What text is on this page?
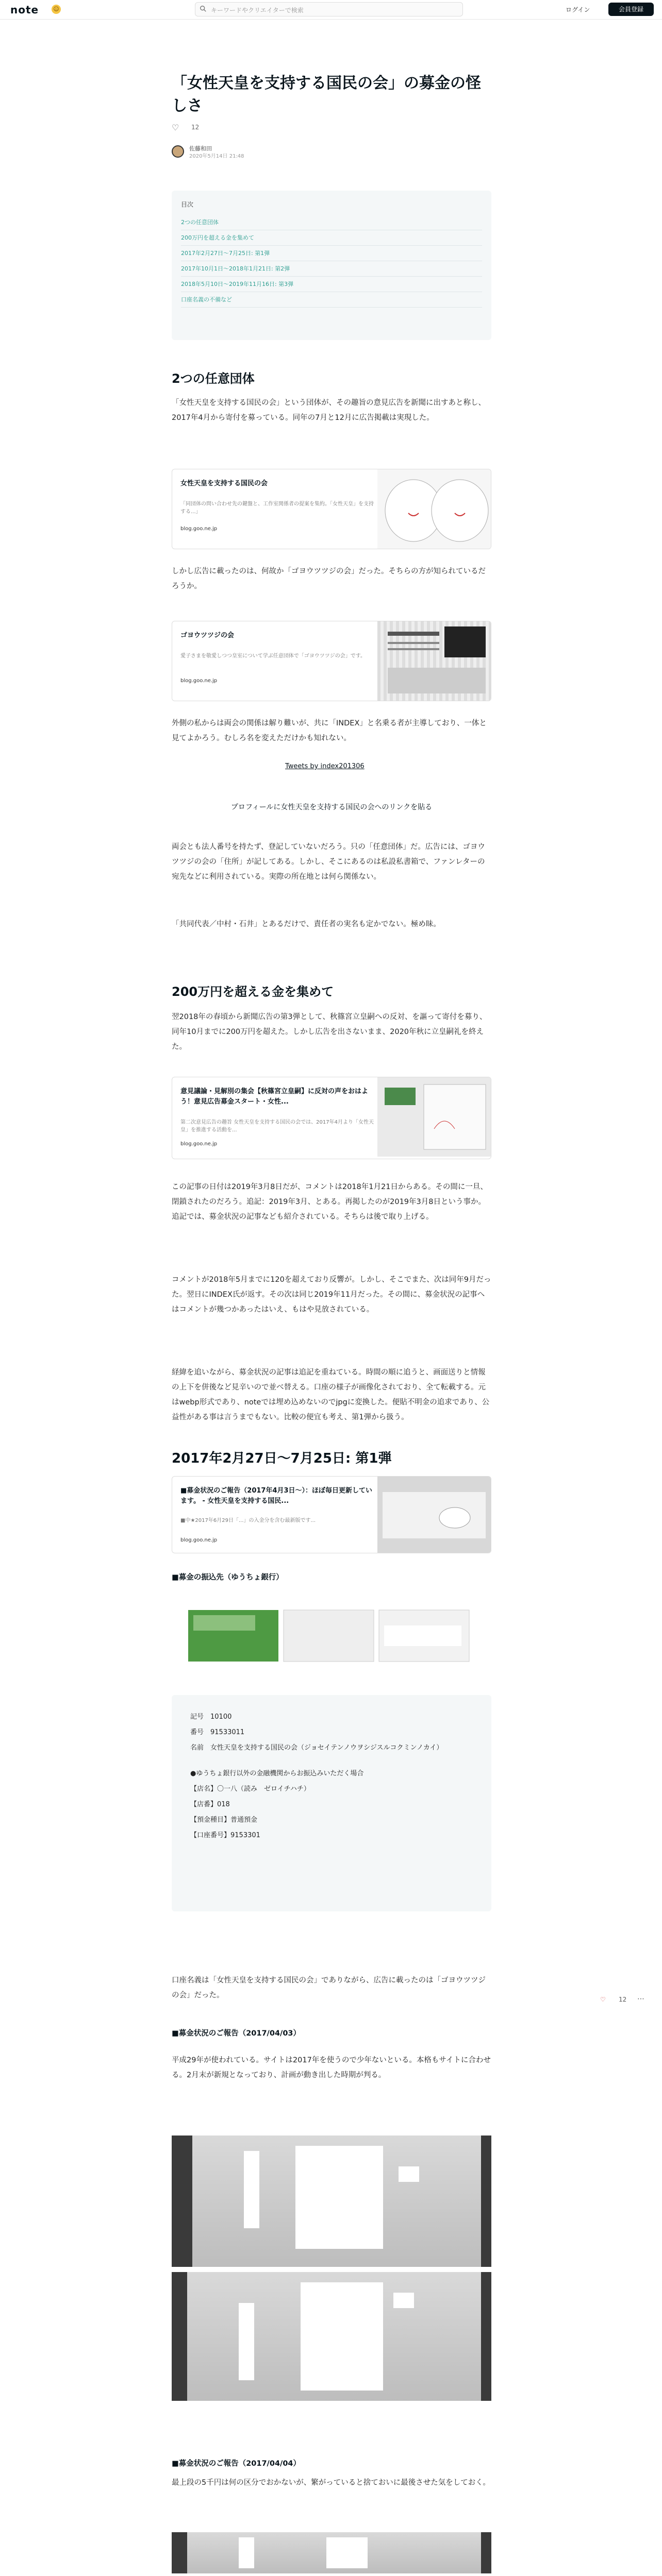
note	☺	キーワードやクリエイターで検索	ログイン	会員登録
「女性天皇を支持する国民の会」の募金の怪しさ
♡ 12
佐藤和田
2020年5月14日 21:48
目次
2つの任意団体
200万円を超える金を集めて
2017年2月27日〜7月25日: 第1弾
2017年10月1日〜2018年1月21日: 第2弾
2018年5月10日〜2019年11月16日: 第3弾
口座名義の不備など
2つの任意団体
「女性天皇を支持する国民の会」という団体が、その趣旨の意見広告を新聞に出すあと称し、2017年4月から寄付を募っている。同年の7月と12月に広告掲載は実現した。
女性天皇を支持する国民の会
「同団体の問い合わせ先の鍵盤と、工作室関係者の提案を集約。「女性天皇」を支持する...」
blog.goo.ne.jp
しかし広告に載ったのは、何故か「ゴヨウツツジの会」だった。そちらの方が知られているだろうか。
ゴヨウツツジの会
愛子さまを敬愛しつつ皇室について学ぶ任意団体で「ゴヨウツツジの会」です。
blog.goo.ne.jp
外側の私からは両会の関係は解り難いが、共に「INDEX」と名乗る者が主導しており、一体と見てよかろう。むしろ名を変えただけかも知れない。
Tweets by index201306
プロフィールに女性天皇を支持する国民の会へのリンクを貼る
両会とも法人番号を持たず、登記していないだろう。只の「任意団体」だ。広告には、ゴヨウツツジの会の「住所」が記してある。しかし、そこにあるのは私設私書箱で、ファンレターの宛先などに利用されている。実際の所在地とは何ら関係ない。
「共同代表／中村・石井」とあるだけで、責任者の実名も定かでない。極め昧。
200万円を超える金を集めて
翌2018年の春頃から新聞広告の第3弾として、秋篠宮立皇嗣への反対、を謳って寄付を募り、同年10月までに200万円を超えた。しかし広告を出さないまま、2020年秋に立皇嗣礼を終えた。
意見議論・見解別の集会【秋篠宮立皇嗣】に反対の声をおはよう！意見広告募金スタート・女性...
第二次意見広告の趣旨 女性天皇を支持する国民の会では、2017年4月より「女性天皇」を推進する活動を...
blog.goo.ne.jp
この記事の日付は2019年3月8日だが、コメントは2018年1月21日からある。その間に一旦、閉鎖されたのだろう。追記：2019年3月、とある。再掲したのが2019年3月8日という事か。追記では、募金状況の記事なども紹介されている。そちらは後で取り上げる。
コメントが2018年5月までに120を超えており反響が。しかし、そこでまた、次は同年9月だった。翌日にINDEX氏が返す。その次は同じ2019年11月だった。その間に、募金状況の記事へはコメントが幾つかあったはいえ、もはや見放されている。
経緯を追いながら、募金状況の記事は追記を重ねている。時間の順に追うと、画面送りと情報の上下を併後など見辛いので並べ替える。口座の様子が画像化されており、全て転載する。元はwebp形式であり、noteでは埋め込めないのでjpgに変換した。便貼不明金の追求であり、公益性がある事は言うまでもない。比較の便宜も考え、第1弾から扱う。
2017年2月27日〜7月25日: 第1弾
■募金状況のご報告（2017年4月3日〜）：ほぼ毎日更新しています。 - 女性天皇を支持する国民...
■中★2017年6月29日「...」の入金分を含む最新版です...
blog.goo.ne.jp
■募金の振込先（ゆうちょ銀行）
記号　10100
番号　91533011
名前　女性天皇を支持する国民の会（ジョセイテンノウヲシジスルコクミンノカイ）
●ゆうちょ銀行以外の金融機関からお振込みいただく場合
【店名】〇一八（読み　ゼロイチハチ）
【店番】018
【預金種目】普通預金
【口座番号】9153301
口座名義は「女性天皇を支持する国民の会」でありながら、広告に載ったのは「ゴヨウツツジの会」だった。	♡ 12 ⋯
■募金状況のご報告（2017/04/03）
平成29年が使われている。サイトは2017年を使うので少年ないといる。本格もサイトに合わせる。2月末が新規となっており、計画が動き出した時期が判る。
■募金状況のご報告（2017/04/04）
最上段の5千円は何の区分でおかないが、繁がっていると捨ておいに最後させた気をしておく。
